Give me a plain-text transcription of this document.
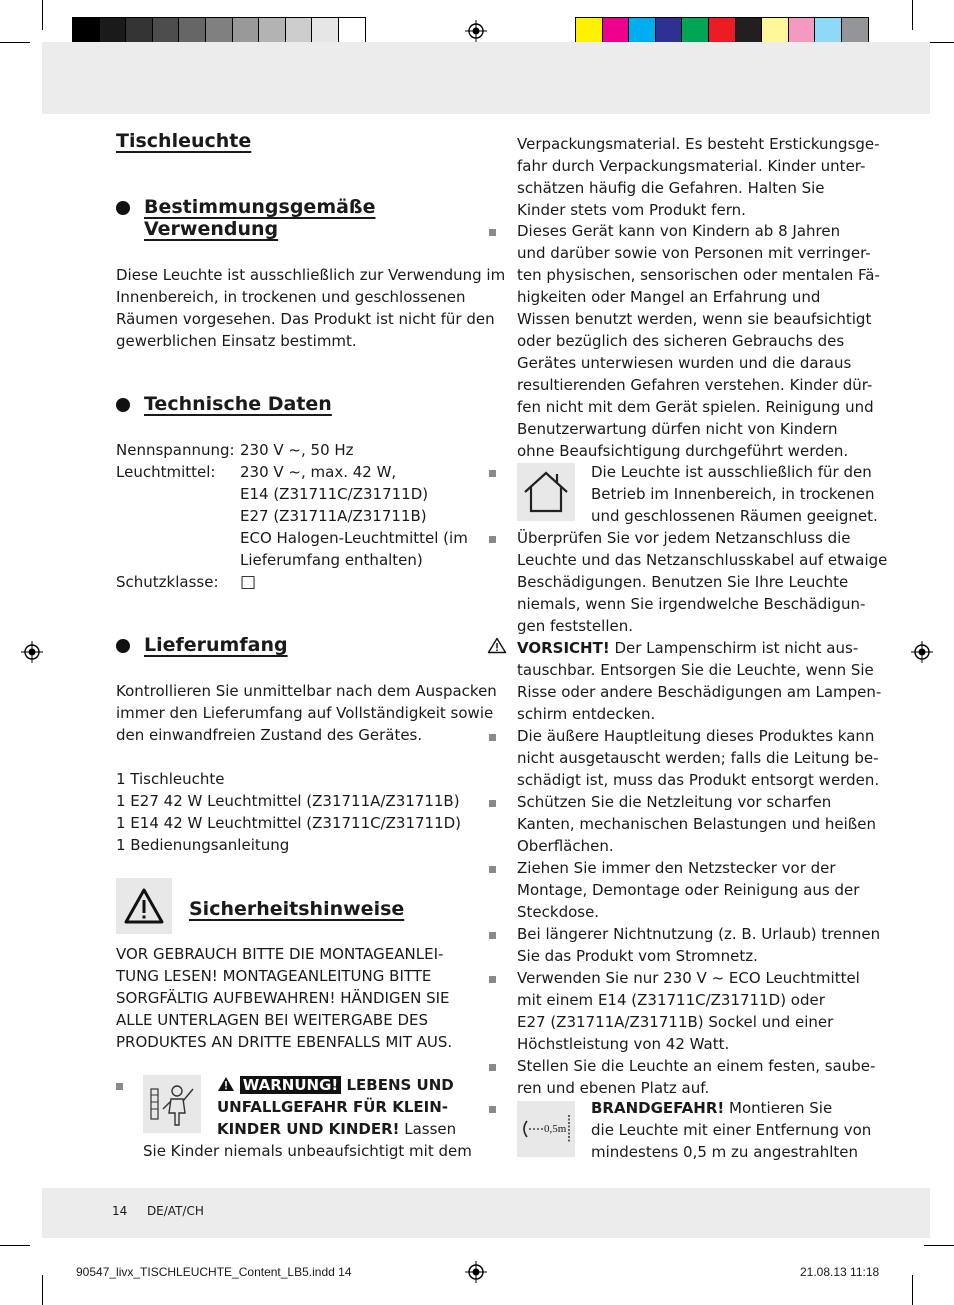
Tischleuchte
Bestimmungsgemäße
Verwendung

Diese Leuchte ist ausschließlich zur Verwendung im

Innenbereich, in trockenen und geschlossenen

Räumen vorgesehen. Das Produkt ist nicht für den

gewerblichen Einsatz bestimmt.

Technische Daten
Nennspannung: 230 V ~, 50 Hz
Leuchtmittel:	230 V ~, max. 42 W,
E14 (Z31711C/Z31711D)
E27 (Z31711A/Z31711B)
ECO Halogen-Leuchtmittel (im
Lieferumfang enthalten)
Schutzklasse:	□
Lieferumfang

Kontrollieren Sie unmittelbar nach dem Auspacken

immer den Lieferumfang auf Vollständigkeit sowie

den einwandfreien Zustand des Gerätes.

1 Tischleuchte

1 E27 42 W Leuchtmittel (Z31711A/Z31711B)

1 E14 42 W Leuchtmittel (Z31711C/Z31711D)

1 Bedienungsanleitung

Sicherheitshinweise

VOR GEBRAUCH BITTE DIE MONTAGEANLEI-

TUNG LESEN! MONTAGEANLEITUNG BITTE

SORGFÄLTIG AUFBEWAHREN! HÄNDIGEN SIE

ALLE UNTERLAGEN BEI WEITERGABE DES

PRODUKTES AN DRITTE EBENFALLS MIT AUS.

WARNUNG! LEBENS UND
UNFALLGEFAHR FÜR KLEIN-
KINDER UND KINDER! Lassen
Sie Kinder niemals unbeaufsichtigt mit dem

Verpackungsmaterial. Es besteht Erstickungsge-

fahr durch Verpackungsmaterial. Kinder unter-

schätzen häufig die Gefahren. Halten Sie

Kinder stets vom Produkt fern.

Dieses Gerät kann von Kindern ab 8 Jahren

und darüber sowie von Personen mit verringer-

ten physischen, sensorischen oder mentalen Fä-

higkeiten oder Mangel an Erfahrung und

Wissen benutzt werden, wenn sie beaufsichtigt

oder bezüglich des sicheren Gebrauchs des

Gerätes unterwiesen wurden und die daraus

resultierenden Gefahren verstehen. Kinder dür-

fen nicht mit dem Gerät spielen. Reinigung und

Benutzerwartung dürfen nicht von Kindern

ohne Beaufsichtigung durchgeführt werden.

Die Leuchte ist ausschließlich für den

Betrieb im Innenbereich, in trockenen

und geschlossenen Räumen geeignet.

Überprüfen Sie vor jedem Netzanschluss die

Leuchte und das Netzanschlusskabel auf etwaige

Beschädigungen. Benutzen Sie Ihre Leuchte

niemals, wenn Sie irgendwelche Beschädigun-

gen feststellen.

VORSICHT! Der Lampenschirm ist nicht aus-

tauschbar. Entsorgen Sie die Leuchte, wenn Sie

Risse oder andere Beschädigungen am Lampen-

schirm entdecken.

Die äußere Hauptleitung dieses Produktes kann

nicht ausgetauscht werden; falls die Leitung be-

schädigt ist, muss das Produkt entsorgt werden.

Schützen Sie die Netzleitung vor scharfen

Kanten, mechanischen Belastungen und heißen

Oberflächen.

Ziehen Sie immer den Netzstecker vor der

Montage, Demontage oder Reinigung aus der

Steckdose.

Bei längerer Nichtnutzung (z. B. Urlaub) trennen

Sie das Produkt vom Stromnetz.

Verwenden Sie nur 230 V ~ ECO Leuchtmittel

mit einem E14 (Z31711C/Z31711D) oder

E27 (Z31711A/Z31711B) Sockel und einer

Höchstleistung von 42 Watt.

Stellen Sie die Leuchte an einem festen, saube-

ren und ebenen Platz auf.

0,5m

BRANDGEFAHR! Montieren Sie

die Leuchte mit einer Entfernung von

mindestens 0,5 m zu angestrahlten

14 DE/AT/CH
90547_livx_TISCHLEUCHTE_Content_LB5.indd 14	21.08.13 11:18
